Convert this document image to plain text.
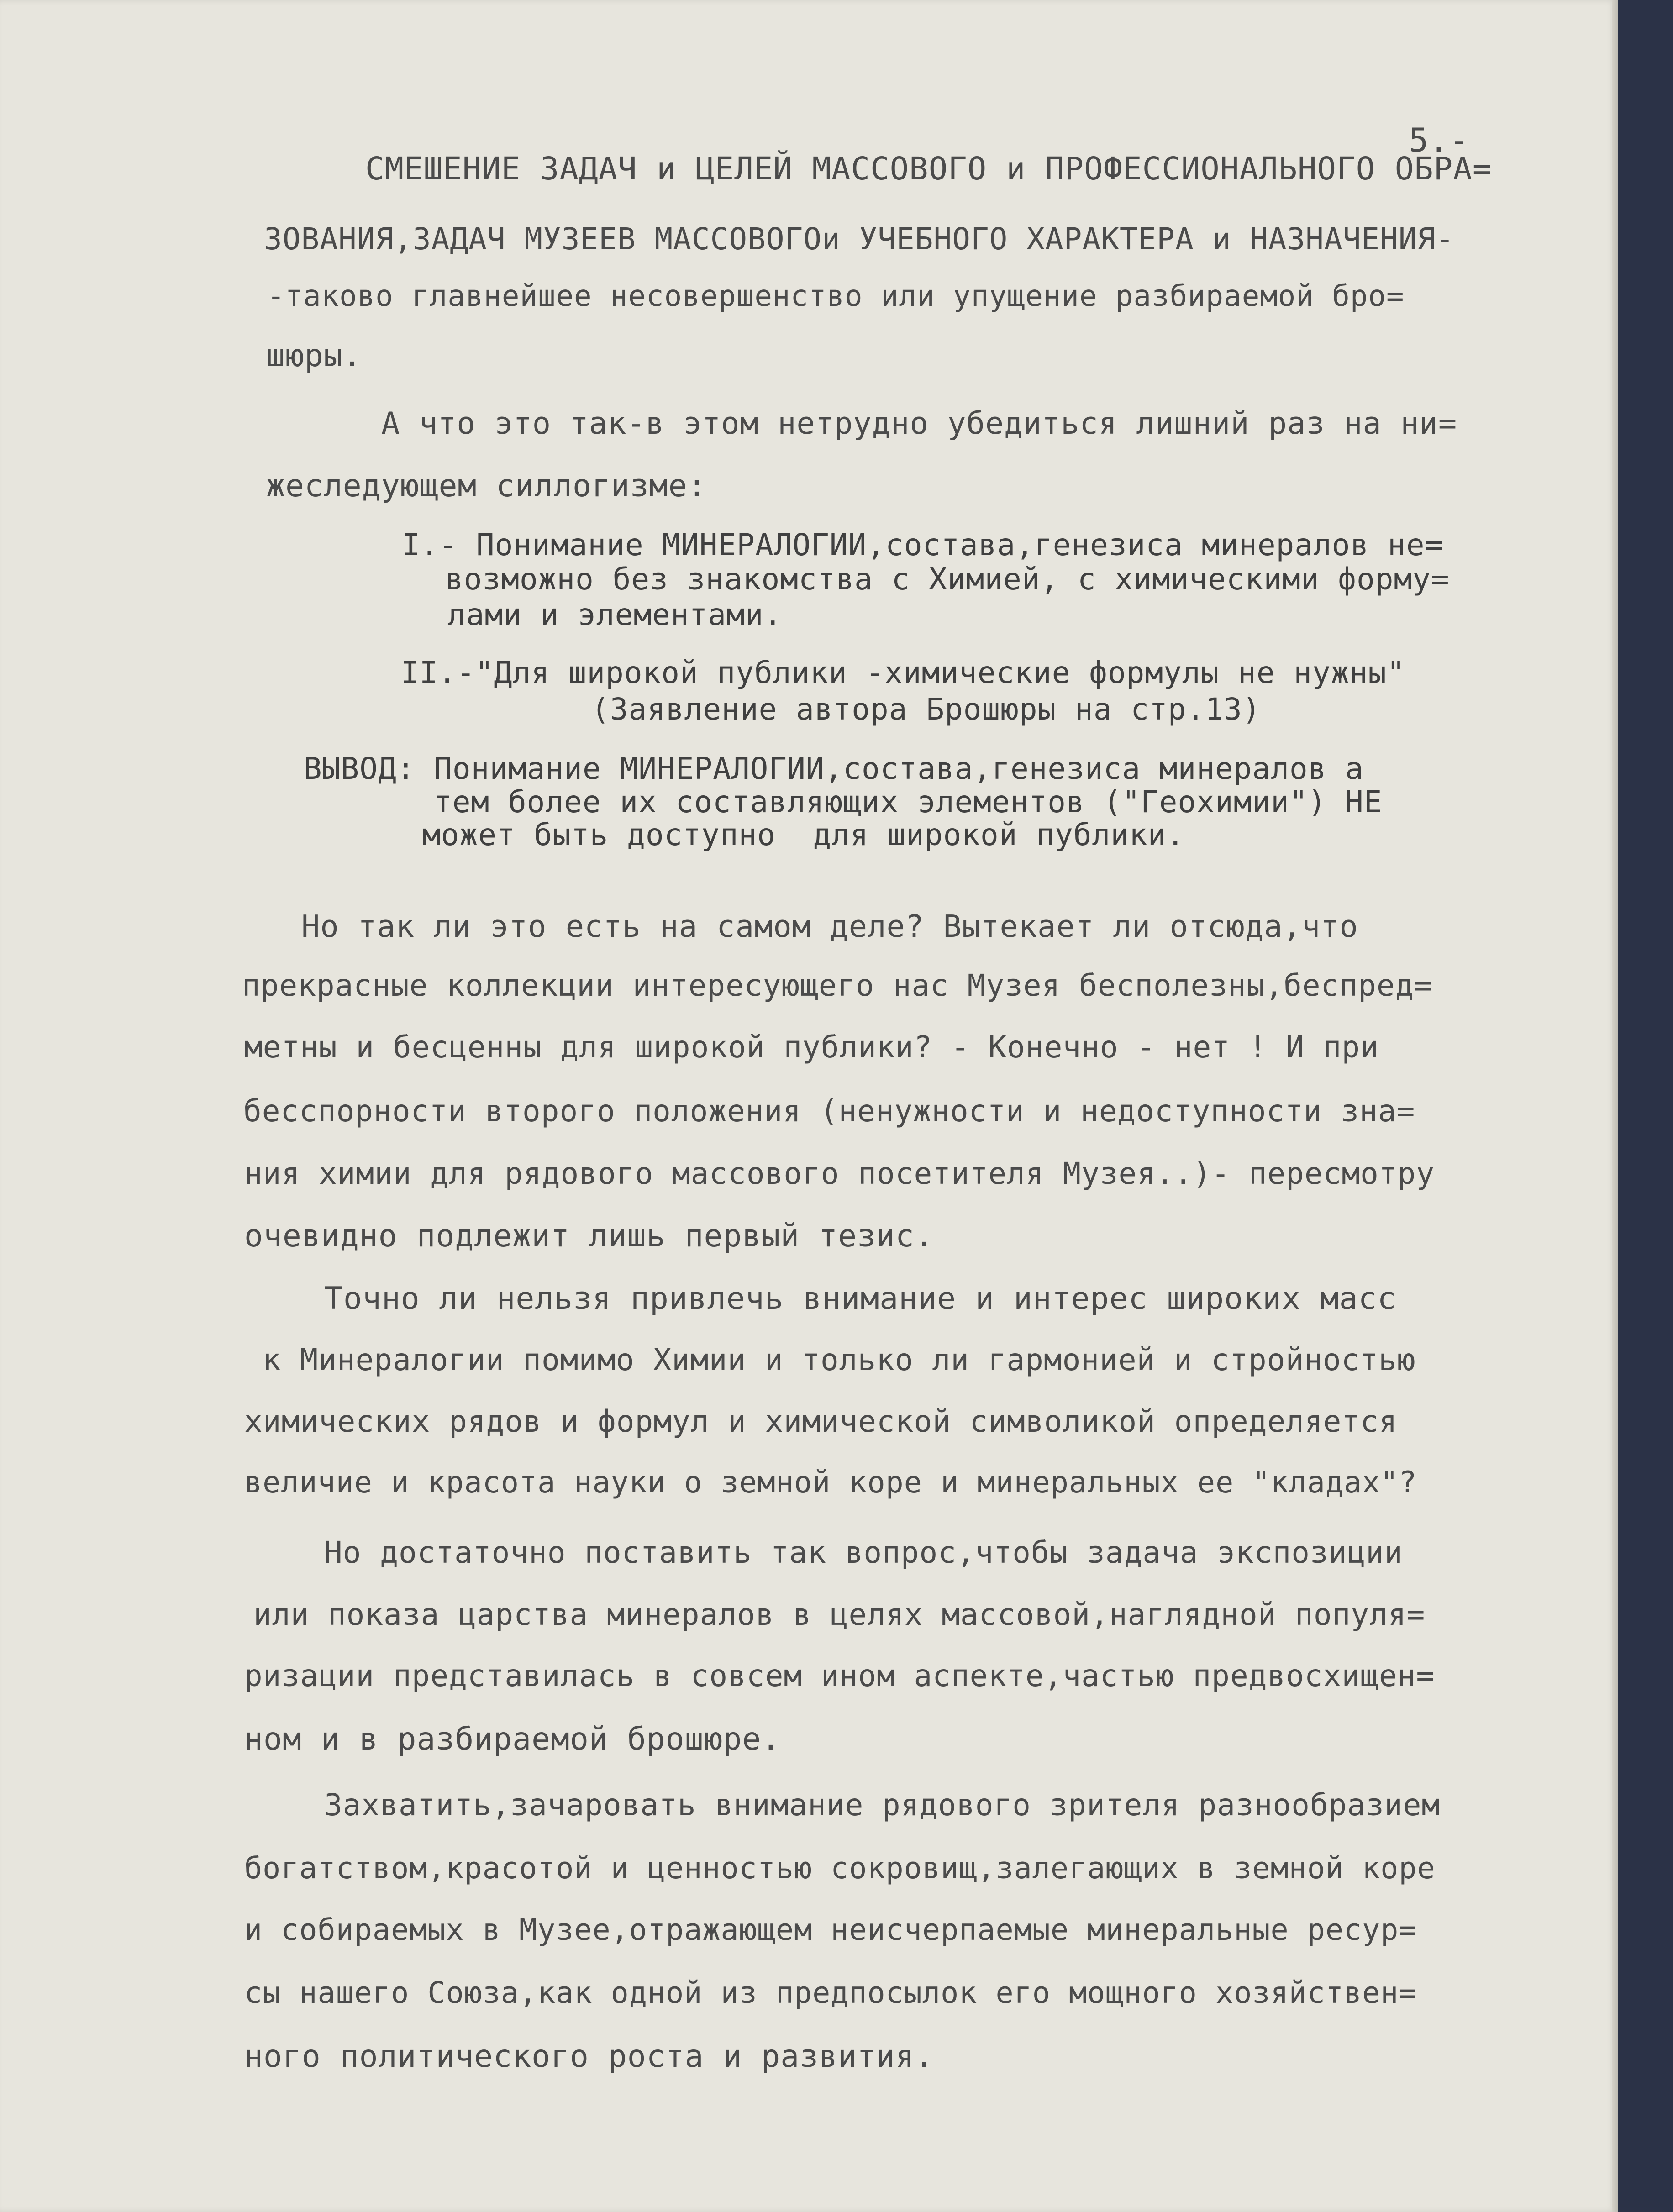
5.-

СМЕШЕНИЕ ЗАДАЧ и ЦЕЛЕЙ МАССОВОГО и ПРОФЕССИОНАЛЬНОГО ОБРА=

ЗОВАНИЯ,ЗАДАЧ МУЗЕЕВ МАССОВОГОи УЧЕБНОГО ХАРАКТЕРА и НАЗНАЧЕНИЯ-

-таково главнейшее несовершенство или упущение разбираемой бро=

шюры.

А что это так-в этом нетрудно убедиться лишний раз на ни=

жеследующем силлогизме:

I.- Понимание МИНЕРАЛОГИИ,состава,генезиса минералов не=

возможно без знакомства с Химией, с химическими форму=

лами и элементами.

II.-"Для широкой публики -химические формулы не нужны"

(Заявление автора Брошюры на стр.13)

ВЫВОД: Понимание МИНЕРАЛОГИИ,состава,генезиса минералов а

тем более их составляющих элементов ("Геохимии") НЕ

может быть доступно  для широкой публики.

Но так ли это есть на самом деле? Вытекает ли отсюда,что

прекрасные коллекции интересующего нас Музея бесполезны,беспред=

метны и бесценны для широкой публики? - Конечно - нет ! И при

бесспорности второго положения (ненужности и недоступности зна=

ния химии для рядового массового посетителя Музея..)- пересмотру

очевидно подлежит лишь первый тезис.

Точно ли нельзя привлечь внимание и интерес широких масс

к Минералогии помимо Химии и только ли гармонией и стройностью

химических рядов и формул и химической символикой определяется

величие и красота науки о земной коре и минеральных ее "кладах"?

Но достаточно поставить так вопрос,чтобы задача экспозиции

или показа царства минералов в целях массовой,наглядной популя=

ризации представилась в совсем ином аспекте,частью предвосхищен=

ном и в разбираемой брошюре.

Захватить,зачаровать внимание рядового зрителя разнообразием

богатством,красотой и ценностью сокровищ,залегающих в земной коре

и собираемых в Музее,отражающем неисчерпаемые минеральные ресур=

сы нашего Союза,как одной из предпосылок его мощного хозяйствен=

ного политического роста и развития.
